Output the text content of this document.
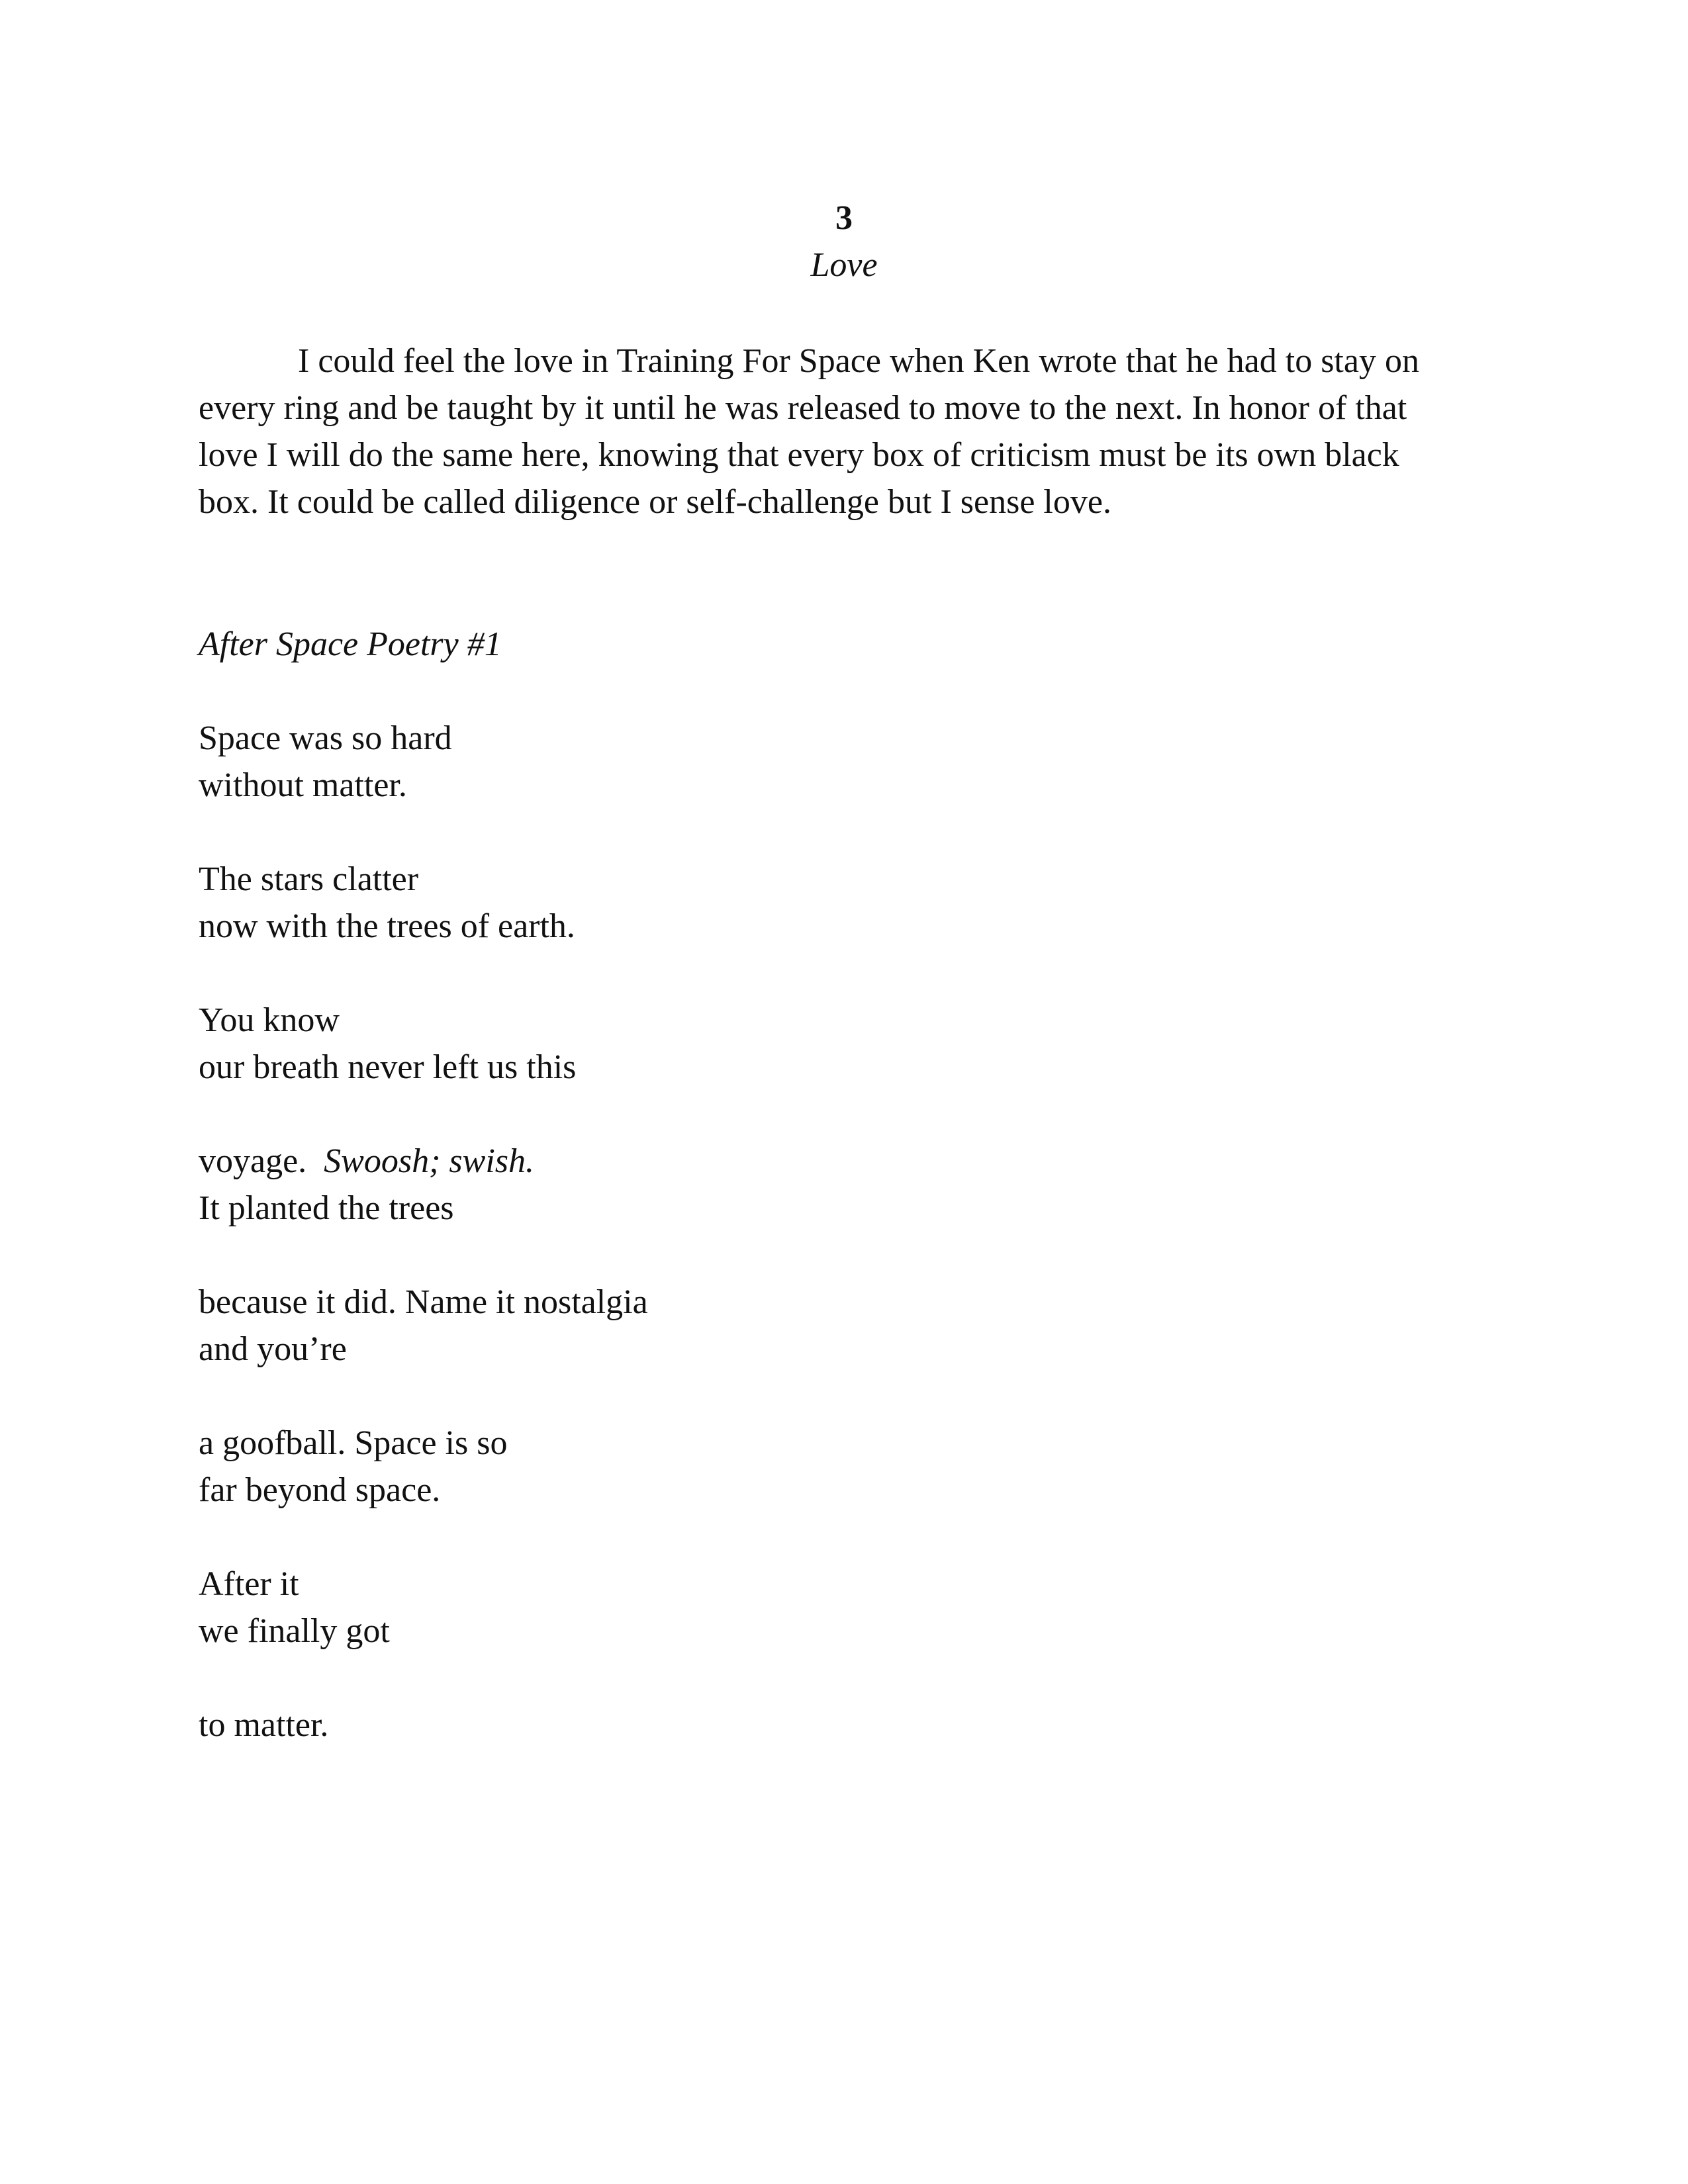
3
Love
I could feel the love in Training For Space when Ken wrote that he had to stay on
every ring and be taught by it until he was released to move to the next. In honor of that
love I will do the same here, knowing that every box of criticism must be its own black
box. It could be called diligence or self-challenge but I sense love.
After Space Poetry #1
Space was so hard
without matter.
The stars clatter
now with the trees of earth.
You know
our breath never left us this
voyage.  Swoosh; swish.
It planted the trees
because it did. Name it nostalgia
and you’re
a goofball. Space is so
far beyond space.
After it
we finally got
to matter.
